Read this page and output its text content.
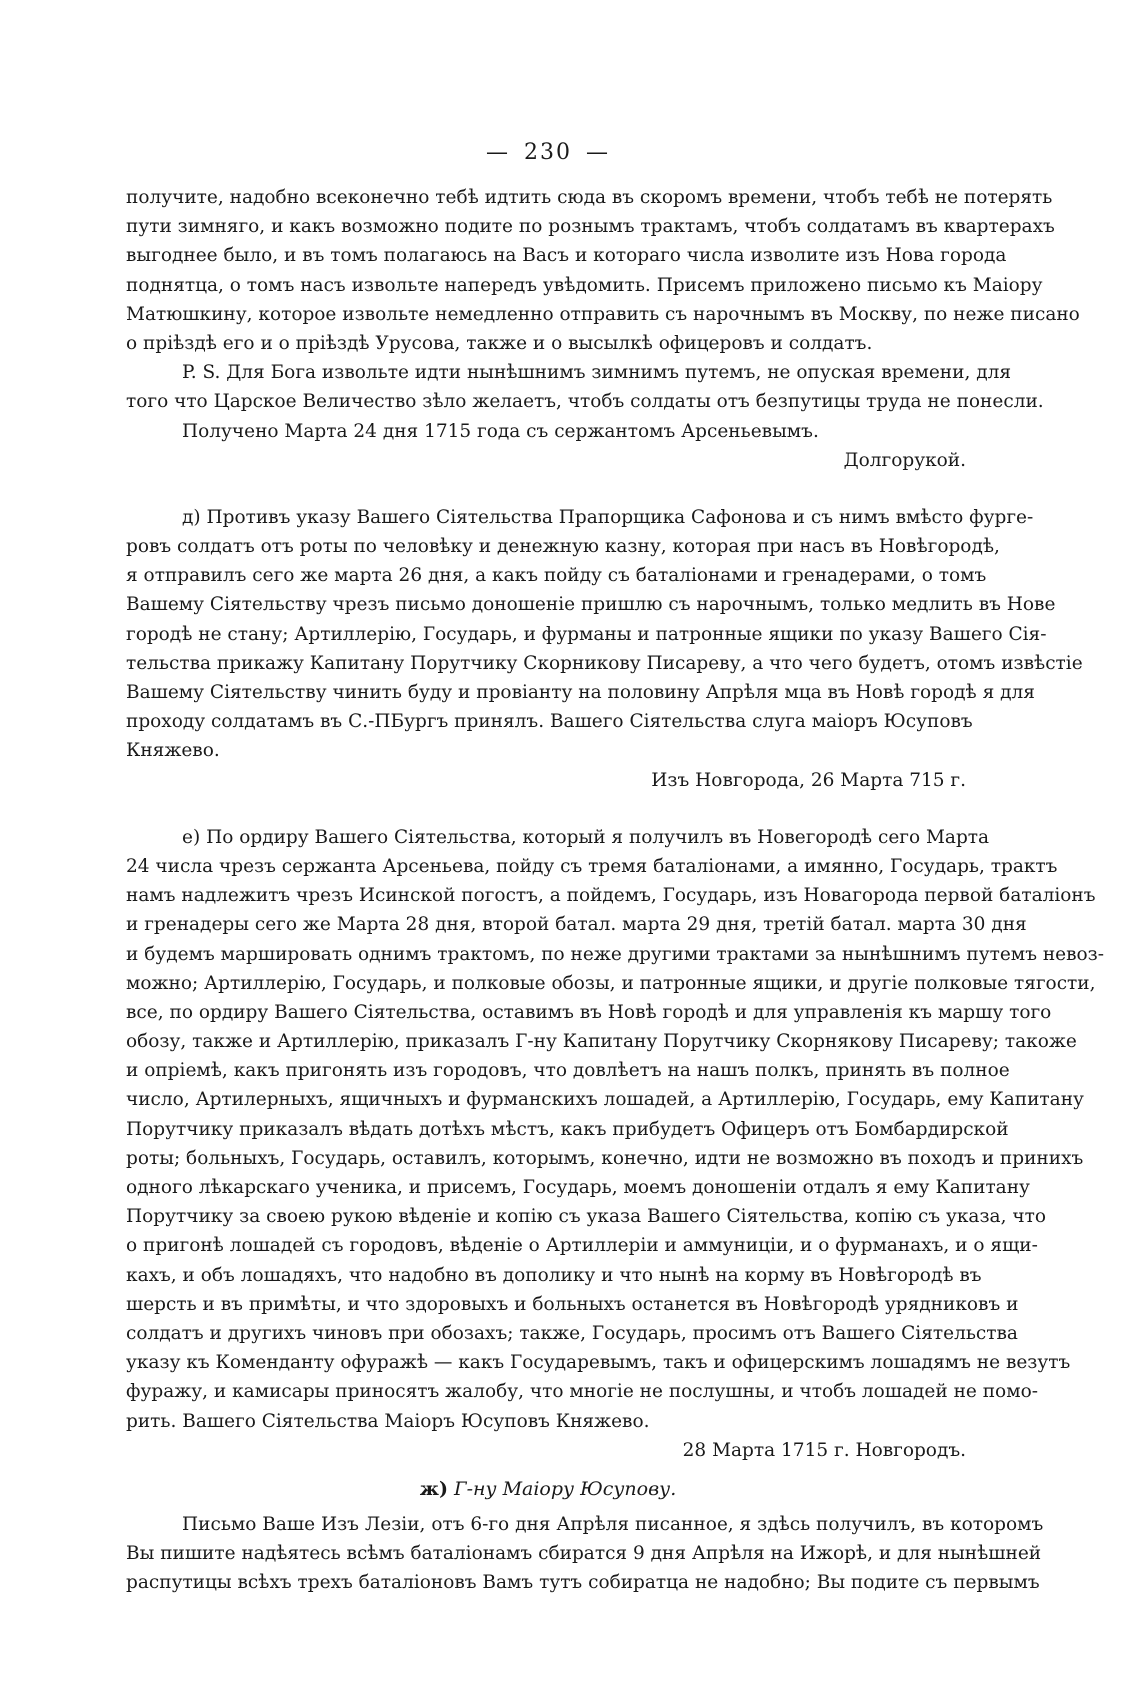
— 230 —
получите, надобно всеконечно тебѣ идтить сюда въ скоромъ времени, чтобъ тебѣ не потерять
пути зимняго, и какъ возможно подите по рознымъ трактамъ, чтобъ солдатамъ въ квартерахъ
выгоднее было, и въ томъ полагаюсь на Васъ и котораго числа изволите изъ Нова города
поднятца, о томъ насъ извольте напередъ увѣдомить. Присемъ приложено письмо къ Маіору
Матюшкину, которое извольте немедленно отправить съ нарочнымъ въ Москву, по неже писано
о пріѣздѣ его и о пріѣздѣ Урусова, также и о высылкѣ офицеровъ и солдатъ.
P. S. Для Бога извольте идти нынѣшнимъ зимнимъ путемъ, не опуская времени, для
того что Царское Величество зѣло желаетъ, чтобъ солдаты отъ безпутицы труда не понесли.
Получено Марта 24 дня 1715 года съ сержантомъ Арсеньевымъ.
Долгорукой.
д) Противъ указу Вашего Сіятельства Прапорщика Сафонова и съ нимъ вмѣсто фурге-
ровъ солдатъ отъ роты по человѣку и денежную казну, которая при насъ въ Новѣгородѣ,
я отправилъ сего же марта 26 дня, а какъ пойду съ баталіонами и гренадерами, о томъ
Вашему Сіятельству чрезъ письмо доношеніе пришлю съ нарочнымъ, только медлить въ Нове
городѣ не стану; Артиллерію, Государь, и фурманы и патронные ящики по указу Вашего Сія-
тельства прикажу Капитану Порутчику Скорникову Писареву, а что чего будетъ, отомъ извѣстіе
Вашему Сіятельству чинить буду и провіанту на половину Апрѣля мца въ Новѣ городѣ я для
проходу солдатамъ въ С.-ПБургъ принялъ. Вашего Сіятельства слуга маіоръ Юсуповъ
Княжево.
Изъ Новгорода, 26 Марта 715 г.
е) По ордиру Вашего Сіятельства, который я получилъ въ Новегородѣ сего Марта
24 числа чрезъ сержанта Арсеньева, пойду съ тремя баталіонами, а имянно, Государь, трактъ
намъ надлежитъ чрезъ Исинской погостъ, а пойдемъ, Государь, изъ Новагорода первой баталіонъ
и гренадеры сего же Марта 28 дня, второй батал. марта 29 дня, третій батал. марта 30 дня
и будемъ маршировать однимъ трактомъ, по неже другими трактами за нынѣшнимъ путемъ невоз-
можно; Артиллерію, Государь, и полковые обозы, и патронные ящики, и другіе полковые тягости,
все, по ордиру Вашего Сіятельства, оставимъ въ Новѣ городѣ и для управленія къ маршу того
обозу, также и Артиллерію, приказалъ Г-ну Капитану Порутчику Скорнякову Писареву; такоже
и опріемѣ, какъ пригонять изъ городовъ, что довлѣетъ на нашъ полкъ, принять въ полное
число, Артилерныхъ, ящичныхъ и фурманскихъ лошадей, а Артиллерію, Государь, ему Капитану
Порутчику приказалъ вѣдать дотѣхъ мѣстъ, какъ прибудетъ Офицеръ отъ Бомбардирской
роты; больныхъ, Государь, оставилъ, которымъ, конечно, идти не возможно въ походъ и приниxъ
одного лѣкарскаго ученика, и присемъ, Государь, моемъ доношеніи отдалъ я ему Капитану
Порутчику за своею рукою вѣденіе и копію съ указа Вашего Сіятельства, копію съ указа, что
о пригонѣ лошадей съ городовъ, вѣденіе о Артиллеріи и аммуниціи, и о фурманахъ, и о ящи-
кахъ, и объ лошадяхъ, что надобно въ дополику и что нынѣ на корму въ Новѣгородѣ въ
шерсть и въ примѣты, и что здоровыхъ и больныхъ останется въ Новѣгородѣ урядниковъ и
солдатъ и другихъ чиновъ при обозахъ; также, Государь, просимъ отъ Вашего Сіятельства
указу къ Коменданту офуражѣ — какъ Государевымъ, такъ и офицерскимъ лошадямъ не везутъ
фуражу, и камисары приносятъ жалобу, что многіе не послушны, и чтобъ лошадей не помо-
рить. Вашего Сіятельства Маіоръ Юсуповъ Княжево.
28 Марта 1715 г. Новгородъ.
ж) Г-ну Маіору Юсупову.
Письмо Ваше Изъ Лезіи, отъ 6-го дня Апрѣля писанное, я здѣсь получилъ, въ которомъ
Вы пишите надѣятесь всѣмъ баталіонамъ сбиратся 9 дня Апрѣля на Ижорѣ, и для нынѣшней
распутицы всѣхъ трехъ баталіоновъ Вамъ тутъ собиратца не надобно; Вы подите съ первымъ
